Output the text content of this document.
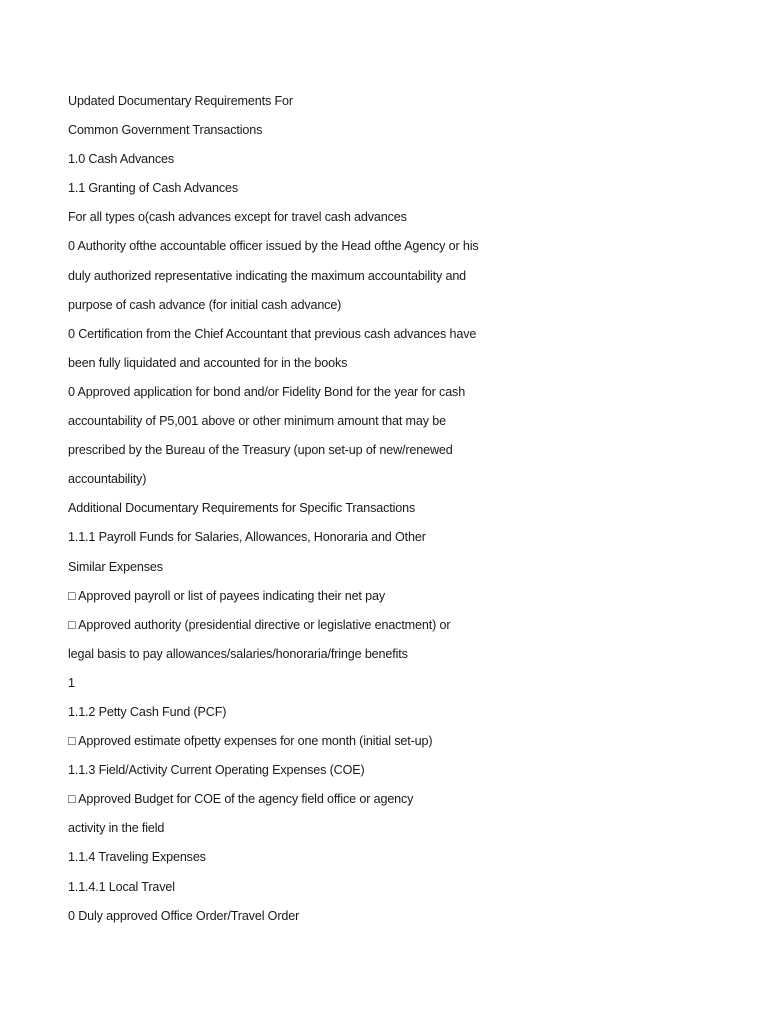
Updated Documentary Requirements For
Common Government Transactions
1.0 Cash Advances
1.1 Granting of Cash Advances
For all types o(cash advances except for travel cash advances
0 Authority ofthe accountable officer issued by the Head ofthe Agency or his
duly authorized representative indicating the maximum accountability and
purpose of cash advance (for initial cash advance)
0 Certification from the Chief Accountant that previous cash advances have
been fully liquidated and accounted for in the books
0 Approved application for bond and/or Fidelity Bond for the year for cash
accountability of P5,001 above or other minimum amount that may be
prescribed by the Bureau of the Treasury (upon set-up of new/renewed
accountability)
Additional Documentary Requirements for Specific Transactions
1.1.1 Payroll Funds for Salaries, Allowances, Honoraria and Other
Similar Expenses
□ Approved payroll or list of payees indicating their net pay
□ Approved authority (presidential directive or legislative enactment) or
legal basis to pay allowances/salaries/honoraria/fringe benefits
1
1.1.2 Petty Cash Fund (PCF)
□ Approved estimate ofpetty expenses for one month (initial set-up)
1.1.3 Field/Activity Current Operating Expenses (COE)
□ Approved Budget for COE of the agency field office or agency
activity in the field
1.1.4 Traveling Expenses
1.1.4.1 Local Travel
0 Duly approved Office Order/Travel Order
